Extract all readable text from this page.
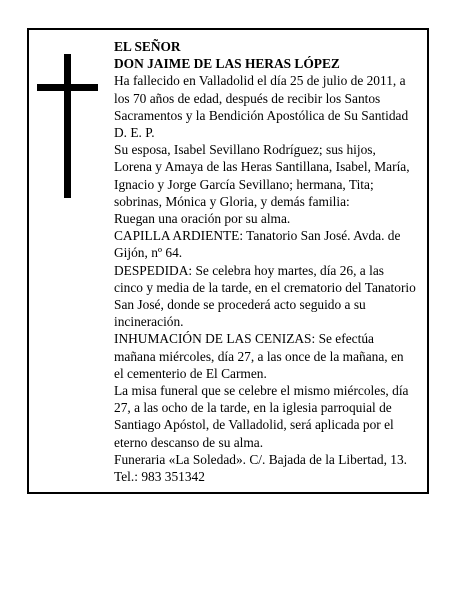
EL SEÑOR

DON JAIME DE LAS HERAS LÓPEZ

Ha fallecido en Valladolid el día 25 de julio de 2011, a los 70 años de edad, después de recibir los Santos Sacramentos y la Bendición Apostólica de Su Santidad D. E. P.

Su esposa, Isabel Sevillano Rodríguez; sus hijos, Lorena y Amaya de las Heras Santillana, Isabel, María, Ignacio y Jorge García Sevillano; hermana, Tita; sobrinas, Mónica y Gloria, y demás familia:

Ruegan una oración por su alma.

CAPILLA ARDIENTE: Tanatorio San José. Avda. de Gijón, nº 64.

DESPEDIDA: Se celebra hoy martes, día 26, a las cinco y media de la tarde, en el crematorio del Tanatorio San José, donde se procederá acto seguido a su incineración.

INHUMACIÓN DE LAS CENIZAS: Se efectúa mañana miércoles, día 27, a las once de la mañana, en el cementerio de El Carmen.

La misa funeral que se celebre el mismo miércoles, día 27, a las ocho de la tarde, en la iglesia parroquial de Santiago Apóstol, de Valladolid, será aplicada por el eterno descanso de su alma.

Funeraria «La Soledad». C/. Bajada de la Libertad, 13. Tel.: 983 351342
